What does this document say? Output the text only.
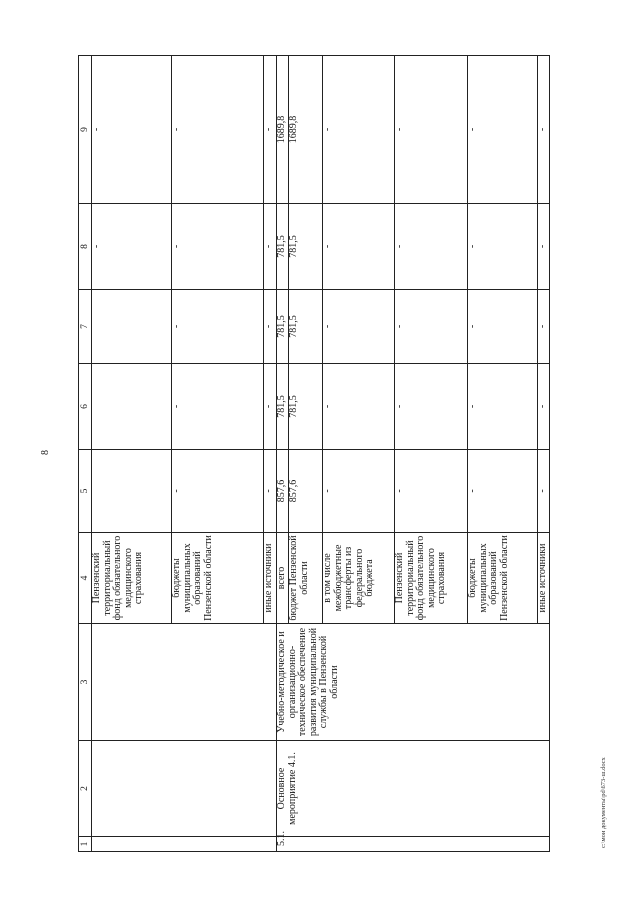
8
c:\мои документы\pd\673-ш.docx
1	2	3	4	5	6	7	8	9
			Пензенский территориальный фонд обязательного медицинского страхования				-	-
			бюджеты муниципальных образований Пензенской области	-	-	-	-	-
			иные источники	-	-	-	-	-
5.1.	Основное мероприятие 4.1.	Учебно-методическое и организационно-техническое обеспечение развития муниципальной службы в Пензенской области	всего	857,6	781,5	781,5	781,5	1689,8
			бюджет Пензенской области	857,6	781,5	781,5	781,5	1689,8
			в том числе межбюджетные трансферты из федерального бюджета	-	-	-	-	-
			Пензенский территориальный фонд обязательного медицинского страхования	-	-	-	-	-
			бюджеты муниципальных образований Пензенской области	-	-	-	-	-
			иные источники	-	-	-	-	-
